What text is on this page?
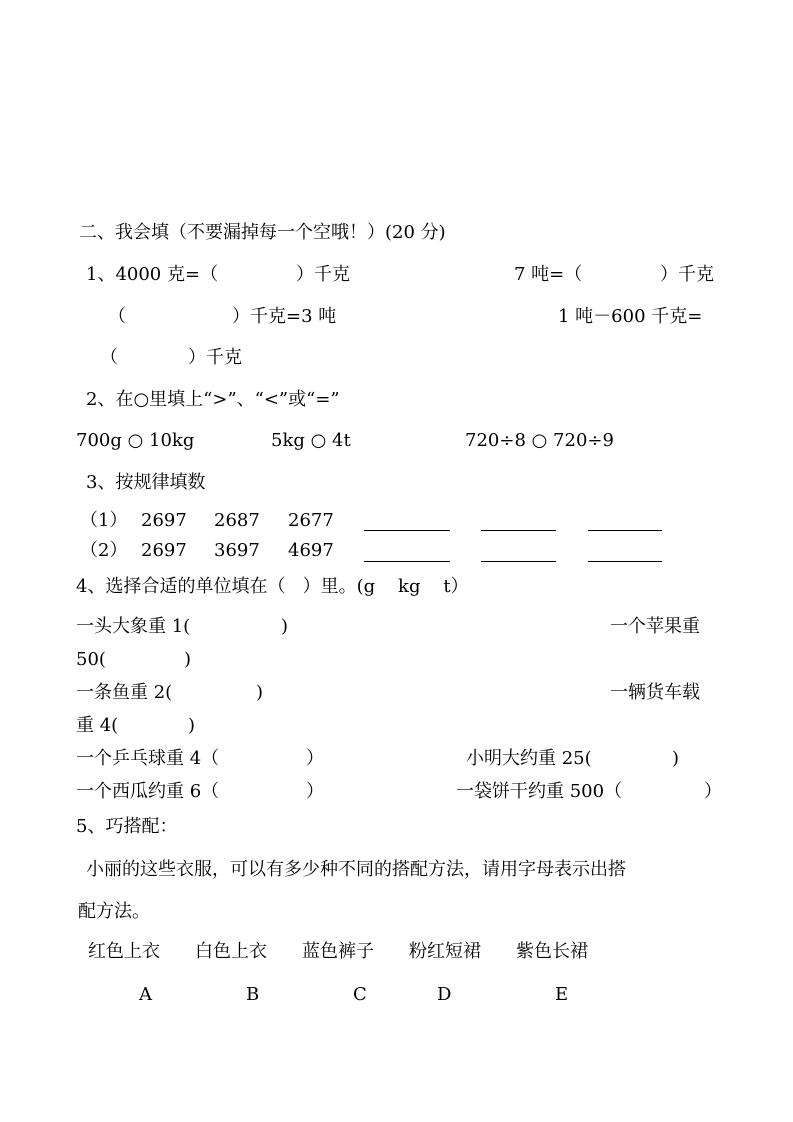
二、我会填（不要漏掉每一个空哦！）(20 分)
1、4000 克=（	）千克	7 吨=（	）千克
（	）千克=3 吨	1 吨－600 千克=
（	）千克
2、在○里填上“>”、“<”或“=”
700g ○ 10kg	5kg ○ 4t	720÷8 ○ 720÷9
3、按规律填数
（1） 2697 2687 2677
（2） 2697 3697 4697
4、选择合适的单位填在（   ）里。(g    kg    t）
一头大象重 1(	)	一个苹果重
50(	)
一条鱼重 2(	)	一辆货车载
重 4(	)
一个乒乓球重 4（	）	小明大约重 25(	)
一个西瓜约重 6（	）	一袋饼干约重 500（	）
5、巧搭配：
小丽的这些衣服，可以有多少种不同的搭配方法，请用字母表示出搭
配方法。
红色上衣 白色上衣 蓝色裤子 粉红短裙 紫色长裙
A	B	C	D	E
